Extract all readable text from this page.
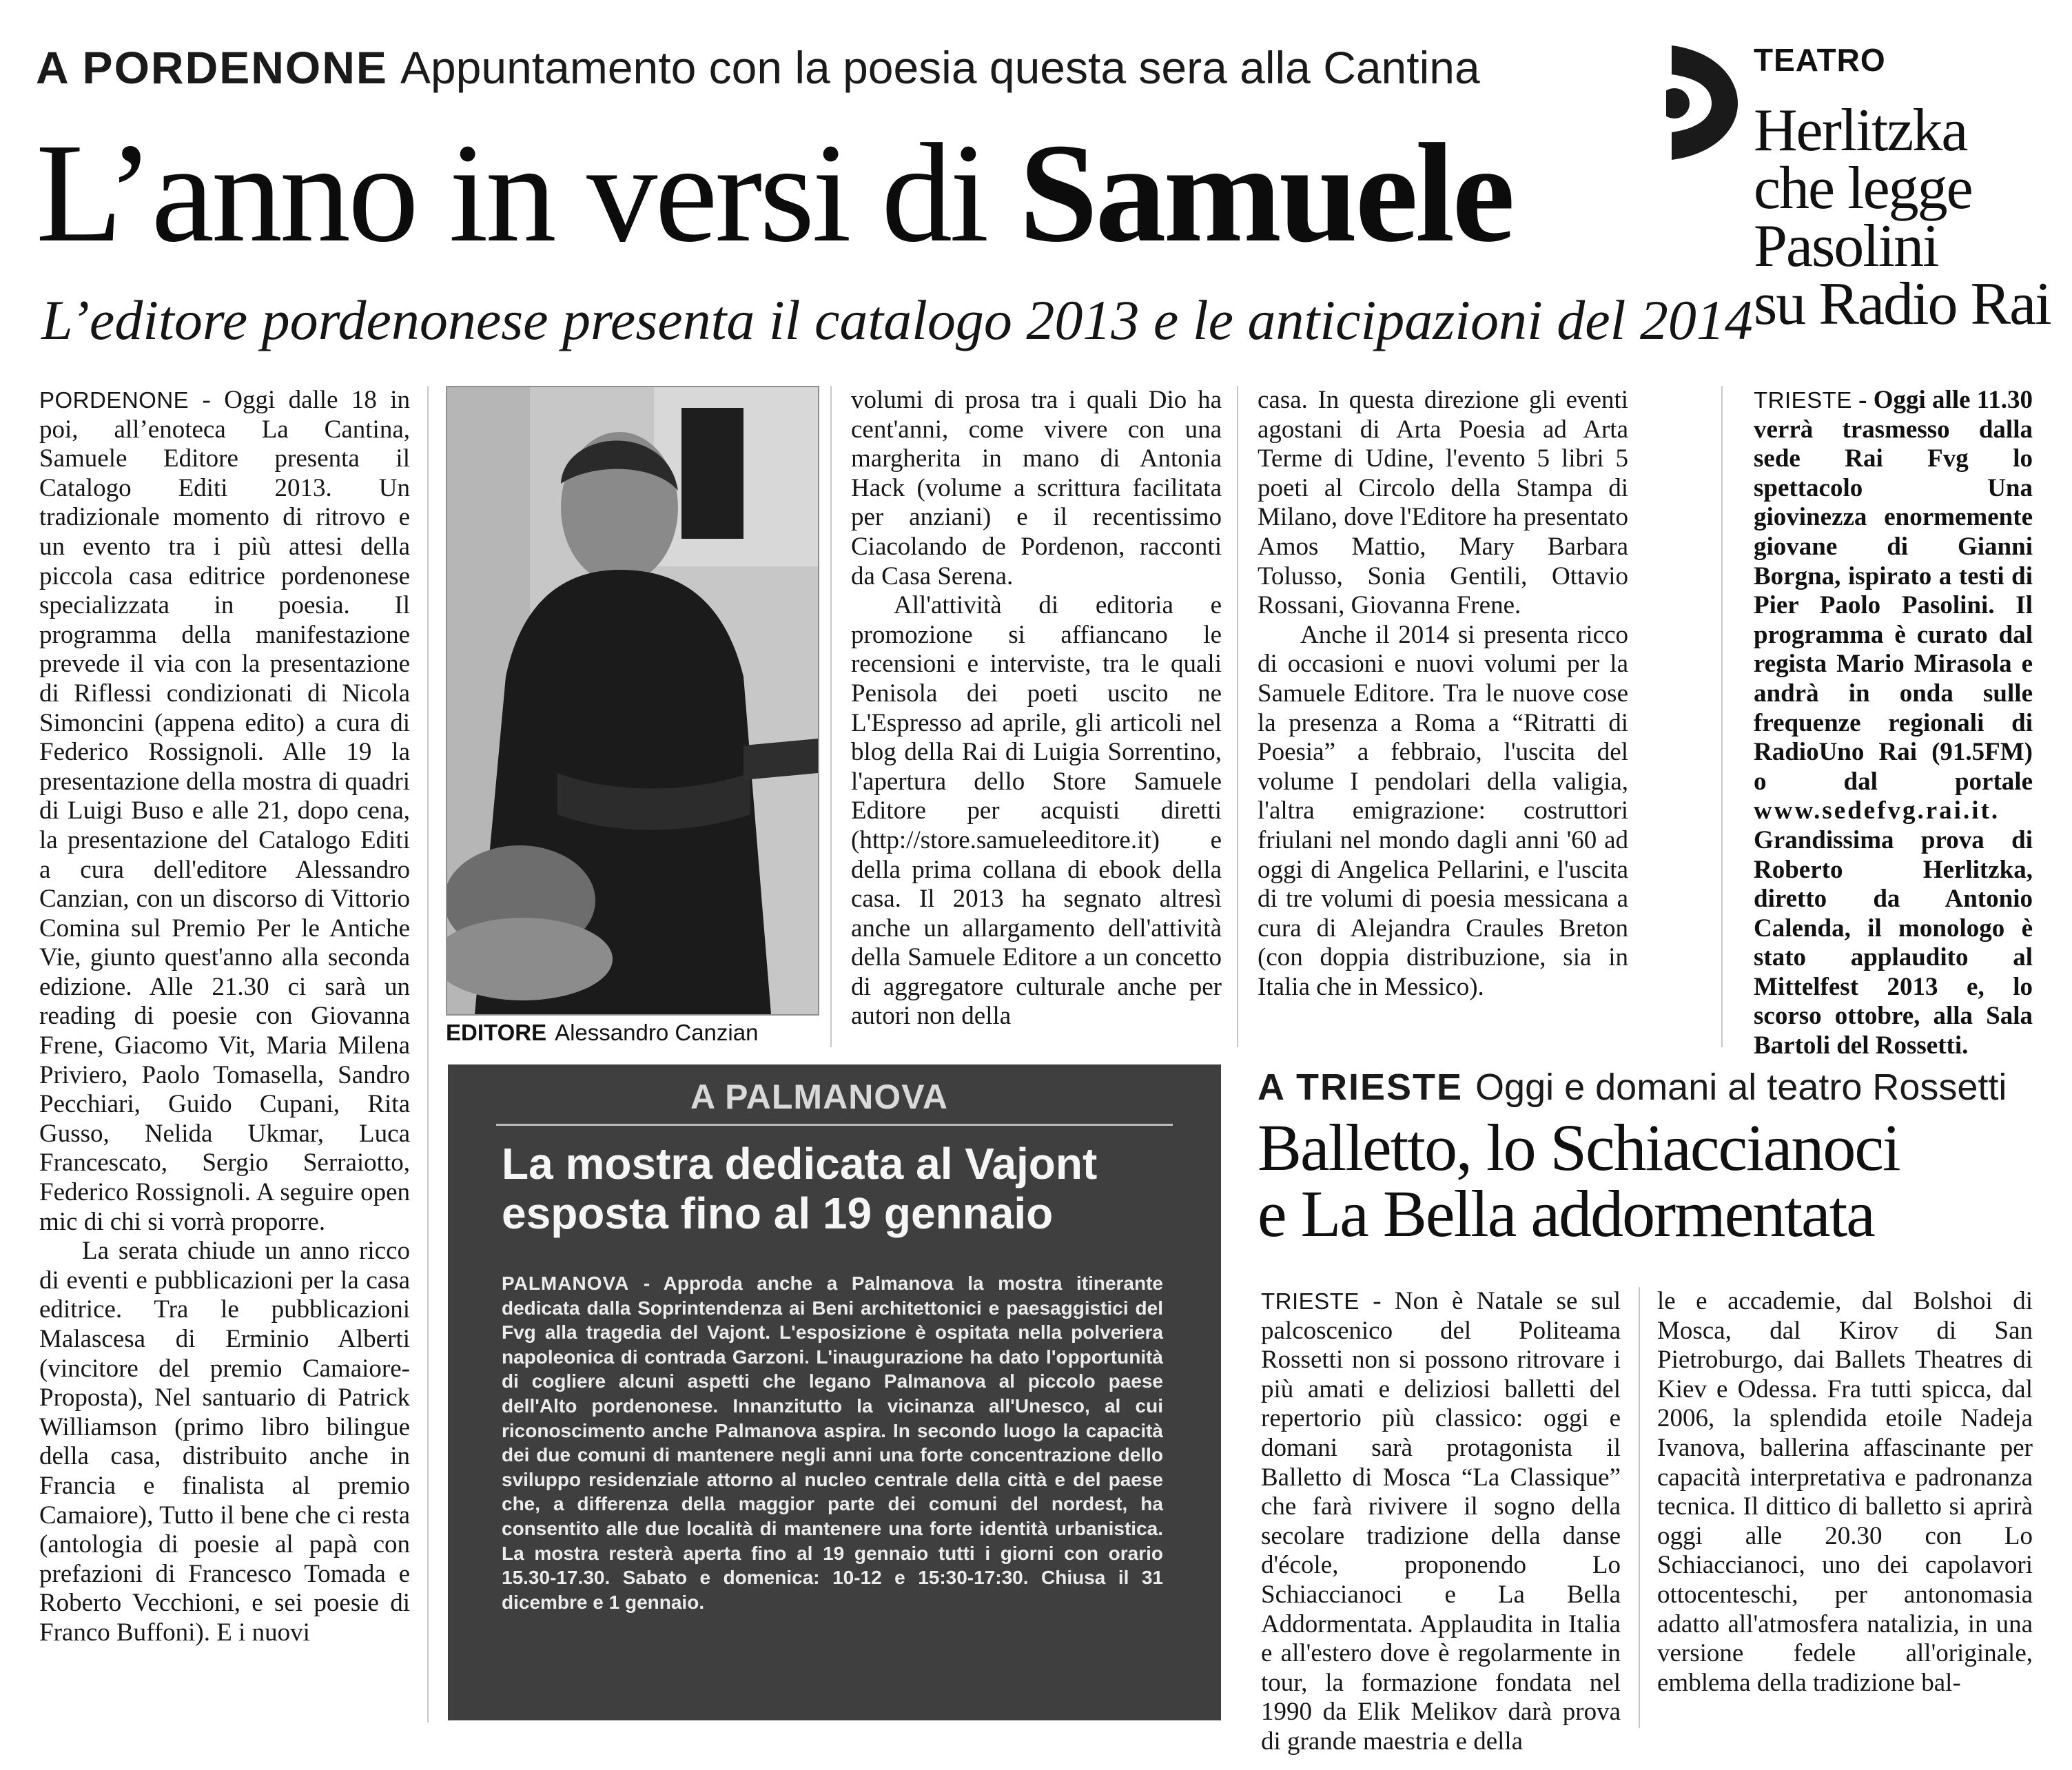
A PORDENONE Appuntamento con la poesia questa sera alla Cantina
L’anno in versi di Samuele
L’editore pordenonese presenta il catalogo 2013 e le anticipazioni del 2014
TEATRO
Herlitzka
che legge
Pasolini
su Radio Rai
TRIESTE - Oggi alle 11.30 verrà trasmesso dalla sede Rai Fvg lo spettacolo Una giovinezza enormemente giovane di Gianni Borgna, ispirato a testi di Pier Paolo Pasolini. Il programma è curato dal regista Mario Mirasola e andrà in onda sulle frequenze regionali di RadioUno Rai (91.5FM) o dal portale www.sedefvg.rai.it. Grandissima prova di Roberto Herlitzka, diretto da Antonio Calenda, il monologo è stato applaudito al Mittelfest 2013 e, lo scorso ottobre, alla Sala Bartoli del Rossetti.

PORDENONE - Oggi dalle 18 in poi, all’enoteca La Cantina, Samuele Editore presenta il Catalogo Editi 2013. Un tradizionale momento di ritrovo e un evento tra i più attesi della piccola casa editrice pordenonese specializzata in poesia. Il programma della manifestazione prevede il via con la presentazione di Riflessi condizionati di Nicola Simoncini (appena edito) a cura di Federico Rossignoli. Alle 19 la presentazione della mostra di quadri di Luigi Buso e alle 21, dopo cena, la presentazione del Catalogo Editi a cura dell'editore Alessandro Canzian, con un discorso di Vittorio Comina sul Premio Per le Antiche Vie, giunto quest'anno alla seconda edizione. Alle 21.30 ci sarà un reading di poesie con Giovanna Frene, Giacomo Vit, Maria Milena Priviero, Paolo Tomasella, Sandro Pecchiari, Guido Cupani, Rita Gusso, Nelida Ukmar, Luca Francescato, Sergio Serraiotto, Federico Rossignoli. A seguire open mic di chi si vorrà proporre.

La serata chiude un anno ricco di eventi e pubblicazioni per la casa editrice. Tra le pubblicazioni Malascesa di Erminio Alberti (vincitore del premio Camaiore-Proposta), Nel santuario di Patrick Williamson (primo libro bilingue della casa, distribuito anche in Francia e finalista al premio Camaiore), Tutto il bene che ci resta (antologia di poesie al papà con prefazioni di Francesco Tomada e Roberto Vecchioni, e sei poesie di Franco Buffoni). E i nuovi

EDITORE Alessandro Canzian

volumi di prosa tra i quali Dio ha cent'anni, come vivere con una margherita in mano di Antonia Hack (volume a scrittura facilitata per anziani) e il recentissimo Ciacolando de Pordenon, racconti da Casa Serena.

All'attività di editoria e promozione si affiancano le recensioni e interviste, tra le quali Penisola dei poeti uscito ne L'Espresso ad aprile, gli articoli nel blog della Rai di Luigia Sorrentino, l'apertura dello Store Samuele Editore per acquisti diretti (http://store.samueleeditore.it) e della prima collana di ebook della casa. Il 2013 ha segnato altresì anche un allargamento dell'attività della Samuele Editore a un concetto di aggregatore culturale anche per autori non della

casa. In questa direzione gli eventi agostani di Arta Poesia ad Arta Terme di Udine, l'evento 5 libri 5 poeti al Circolo della Stampa di Milano, dove l'Editore ha presentato Amos Mattio, Mary Barbara Tolusso, Sonia Gentili, Ottavio Rossani, Giovanna Frene.

Anche il 2014 si presenta ricco di occasioni e nuovi volumi per la Samuele Editore. Tra le nuove cose la presenza a Roma a “Ritratti di Poesia” a febbraio, l'uscita del volume I pendolari della valigia, l'altra emigrazione: costruttori friulani nel mondo dagli anni '60 ad oggi di Angelica Pellarini, e l'uscita di tre volumi di poesia messicana a cura di Alejandra Craules Breton (con doppia distribuzione, sia in Italia che in Messico).

A PALMANOVA
La mostra dedicata al Vajont
esposta fino al 19 gennaio
PALMANOVA - Approda anche a Palmanova la mostra itinerante dedicata dalla Soprintendenza ai Beni architettonici e paesaggistici del Fvg alla tragedia del Vajont. L'esposizione è ospitata nella polveriera napoleonica di contrada Garzoni. L'inaugurazione ha dato l'opportunità di cogliere alcuni aspetti che legano Palmanova al piccolo paese dell'Alto pordenonese. Innanzitutto la vicinanza all'Unesco, al cui riconoscimento anche Palmanova aspira. In secondo luogo la capacità dei due comuni di mantenere negli anni una forte concentrazione dello sviluppo residenziale attorno al nucleo centrale della città e del paese che, a differenza della maggior parte dei comuni del nordest, ha consentito alle due località di mantenere una forte identità urbanistica. La mostra resterà aperta fino al 19 gennaio tutti i giorni con orario 15.30-17.30. Sabato e domenica: 10-12 e 15:30-17:30. Chiusa il 31 dicembre e 1 gennaio.
A TRIESTE Oggi e domani al teatro Rossetti
Balletto, lo Schiaccianoci
e La Bella addormentata

TRIESTE - Non è Natale se sul palcoscenico del Politeama Rossetti non si possono ritrovare i più amati e deliziosi balletti del repertorio più classico: oggi e domani sarà protagonista il Balletto di Mosca “La Classique” che farà rivivere il sogno della secolare tradizione della danse d'école, proponendo Lo Schiaccianoci e La Bella Addormentata. Applaudita in Italia e all'estero dove è regolarmente in tour, la formazione fondata nel 1990 da Elik Melikov darà prova di grande maestria e della

le e accademie, dal Bolshoi di Mosca, dal Kirov di San Pietroburgo, dai Ballets Theatres di Kiev e Odessa. Fra tutti spicca, dal 2006, la splendida etoile Nadeja Ivanova, ballerina affascinante per capacità interpretativa e padronanza tecnica. Il dittico di balletto si aprirà oggi alle 20.30 con Lo Schiaccianoci, uno dei capolavori ottocenteschi, per antonomasia adatto all'atmosfera natalizia, in una versione fedele all'originale, emblema della tradizione bal-
